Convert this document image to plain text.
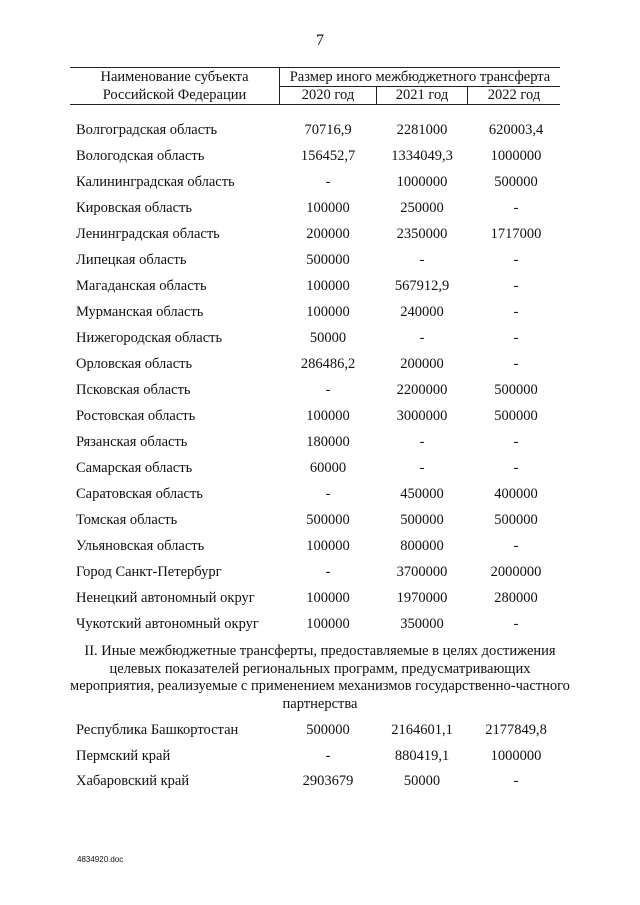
7
Наименование субъекта Российской Федерации
Размер иного межбюджетного трансферта
2020 год	2021 год	2022 год
Волгоградская область	70716,9	2281000	620003,4
Вологодская область	156452,7	1334049,3	1000000
Калининградская область	-	1000000	500000
Кировская область	100000	250000	-
Ленинградская область	200000	2350000	1717000
Липецкая область	500000	-	-
Магаданская область	100000	567912,9	-
Мурманская область	100000	240000	-
Нижегородская область	50000	-	-
Орловская область	286486,2	200000	-
Псковская область	-	2200000	500000
Ростовская область	100000	3000000	500000
Рязанская область	180000	-	-
Самарская область	60000	-	-
Саратовская область	-	450000	400000
Томская область	500000	500000	500000
Ульяновская область	100000	800000	-
Город Санкт-Петербург	-	3700000	2000000
Ненецкий автономный округ	100000	1970000	280000
Чукотский автономный округ	100000	350000	-
II. Иные межбюджетные трансферты, предоставляемые в целях достижения целевых показателей региональных программ, предусматривающих мероприятия, реализуемые с применением механизмов государственно-частного партнерства
Республика Башкортостан	500000	2164601,1	2177849,8
Пермский край	-	880419,1	1000000
Хабаровский край	2903679	50000	-
4834920.doc
